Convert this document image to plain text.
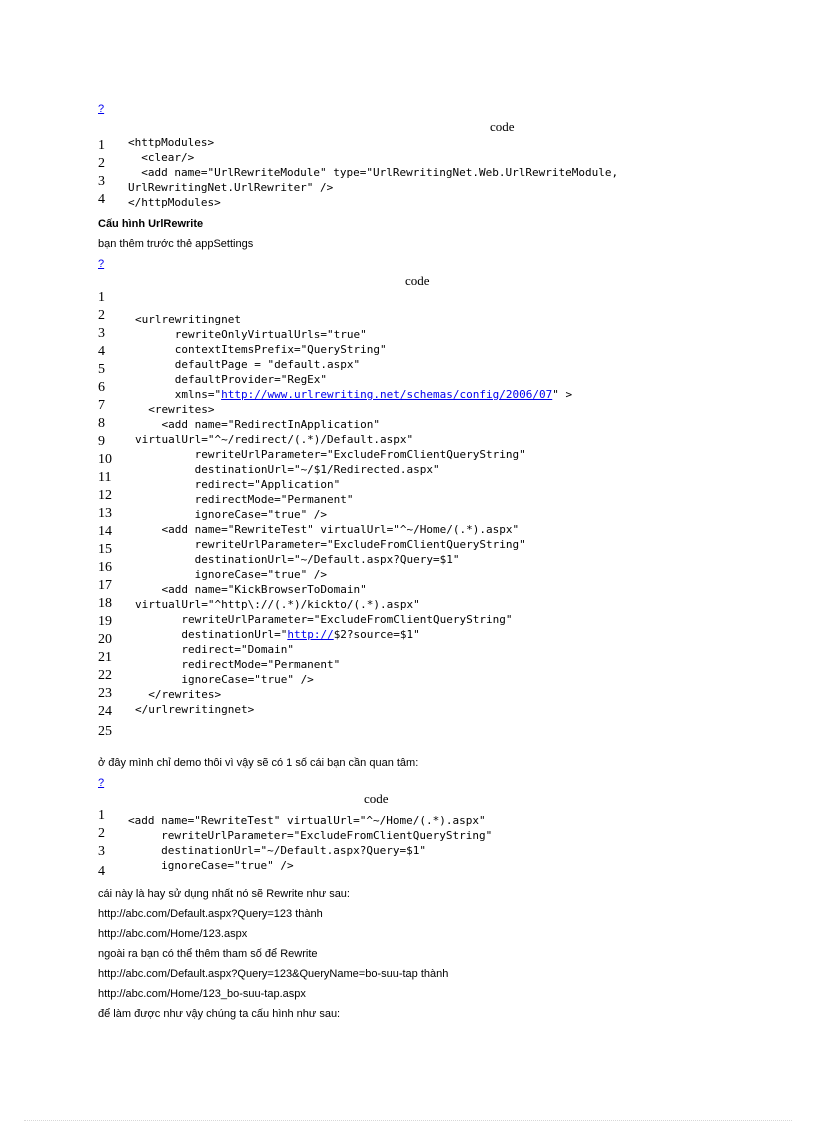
?
code
1
2
3
4

<httpModules>

<clear/>

<add name="UrlRewriteModule" type="UrlRewritingNet.Web.UrlRewriteModule,

UrlRewritingNet.UrlRewriter" />

</httpModules>

Cấu hình UrlRewrite
bạn thêm trước thẻ appSettings
?
code
1
2
3
4
5
6
7
8
9
10
11
12
13
14
15
16
17
18
19
20
21
22
23
24
25

<urlrewritingnet

rewriteOnlyVirtualUrls="true"

contextItemsPrefix="QueryString"

defaultPage = "default.aspx"

defaultProvider="RegEx"

xmlns="http://www.urlrewriting.net/schemas/config/2006/07" >

<rewrites>

<add name="RedirectInApplication"

virtualUrl="^~/redirect/(.*)/Default.aspx"

rewriteUrlParameter="ExcludeFromClientQueryString"

destinationUrl="~/$1/Redirected.aspx"

redirect="Application"

redirectMode="Permanent"

ignoreCase="true" />

<add name="RewriteTest" virtualUrl="^~/Home/(.*).aspx"

rewriteUrlParameter="ExcludeFromClientQueryString"

destinationUrl="~/Default.aspx?Query=$1"

ignoreCase="true" />

<add name="KickBrowserToDomain"

virtualUrl="^http\://(.*)/kickto/(.*).aspx"

rewriteUrlParameter="ExcludeFromClientQueryString"

destinationUrl="http://$2?source=$1"

redirect="Domain"

redirectMode="Permanent"

ignoreCase="true" />

</rewrites>

</urlrewritingnet>

ở đây mình chỉ demo thôi vì vậy sẽ có 1 số cái bạn cần quan tâm:
?
code
1
2
3
4

<add name="RewriteTest" virtualUrl="^~/Home/(.*).aspx"

rewriteUrlParameter="ExcludeFromClientQueryString"

destinationUrl="~/Default.aspx?Query=$1"

ignoreCase="true" />

cái này là hay sử dụng nhất nó sẽ Rewrite như sau:
http://abc.com/Default.aspx?Query=123 thành
http://abc.com/Home/123.aspx
ngoài ra bạn có thể thêm tham số để Rewrite
http://abc.com/Default.aspx?Query=123&QueryName=bo-suu-tap thành
http://abc.com/Home/123_bo-suu-tap.aspx
để làm được như vậy chúng ta cấu hình như sau:
